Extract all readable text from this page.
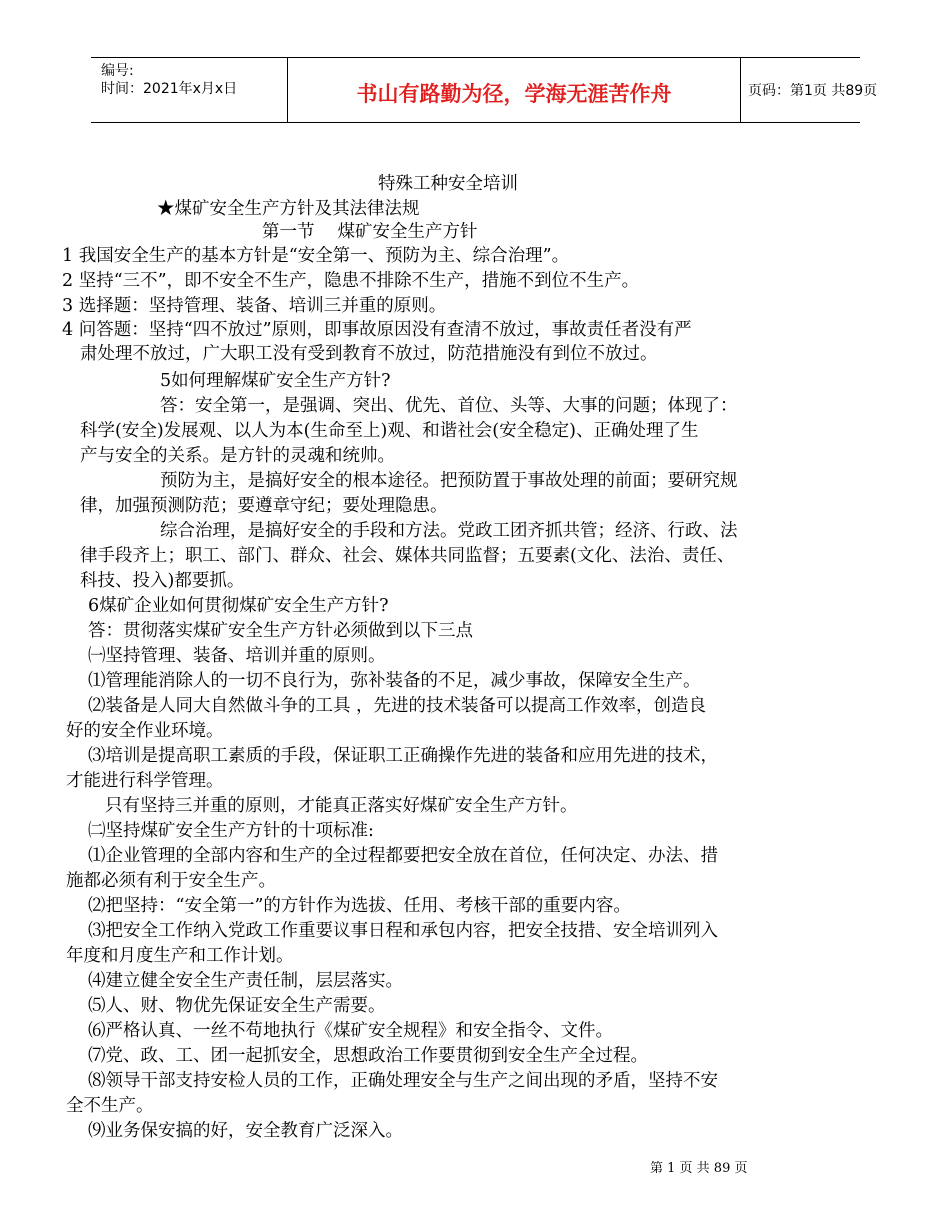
编号:
时间：2021年x月x日	书山有路勤为径，学海无涯苦作舟	页码：第1页 共89页
特殊工种安全培训
★煤矿安全生产方针及其法律法规
第一节　 煤矿安全生产方针
1 我国安全生产的基本方针是“安全第一、预防为主、综合治理”。
2 坚持“三不”，即不安全不生产，隐患不排除不生产，措施不到位不生产。
3 选择题：坚持管理、装备、培训三并重的原则。
4 问答题：坚持“四不放过”原则，即事故原因没有查清不放过，事故责任者没有严
肃处理不放过，广大职工没有受到教育不放过，防范措施没有到位不放过。
5如何理解煤矿安全生产方针?
答：安全第一，是强调、突出、优先、首位、头等、大事的问题；体现了：
科学(安全)发展观、以人为本(生命至上)观、和谐社会(安全稳定)、正确处理了生
产与安全的关系。是方针的灵魂和统帅。
预防为主，是搞好安全的根本途径。把预防置于事故处理的前面；要研究规
律，加强预测防范；要遵章守纪；要处理隐患。
综合治理，是搞好安全的手段和方法。党政工团齐抓共管；经济、行政、法
律手段齐上；职工、部门、群众、社会、媒体共同监督；五要素(文化、法治、责任、
科技、投入)都要抓。
6煤矿企业如何贯彻煤矿安全生产方针?
答：贯彻落实煤矿安全生产方针必须做到以下三点
㈠坚持管理、装备、培训并重的原则。
⑴管理能消除人的一切不良行为，弥补装备的不足，减少事故，保障安全生产。
⑵装备是人同大自然做斗争的工具 ，先进的技术装备可以提高工作效率，创造良
好的安全作业环境。
⑶培训是提高职工素质的手段，保证职工正确操作先进的装备和应用先进的技术，
才能进行科学管理。
只有坚持三并重的原则，才能真正落实好煤矿安全生产方针。
㈡坚持煤矿安全生产方针的十项标准:
⑴企业管理的全部内容和生产的全过程都要把安全放在首位，任何决定、办法、措
施都必须有利于安全生产。
⑵把坚持：“安全第一”的方针作为选拔、任用、考核干部的重要内容。
⑶把安全工作纳入党政工作重要议事日程和承包内容，把安全技措、安全培训列入
年度和月度生产和工作计划。
⑷建立健全安全生产责任制，层层落实。
⑸人、财、物优先保证安全生产需要。
⑹严格认真、一丝不苟地执行《煤矿安全规程》和安全指令、文件。
⑺党、政、工、团一起抓安全，思想政治工作要贯彻到安全生产全过程。
⑻领导干部支持安检人员的工作，正确处理安全与生产之间出现的矛盾，坚持不安
全不生产。
⑼业务保安搞的好，安全教育广泛深入。
第 1 页 共 89 页
